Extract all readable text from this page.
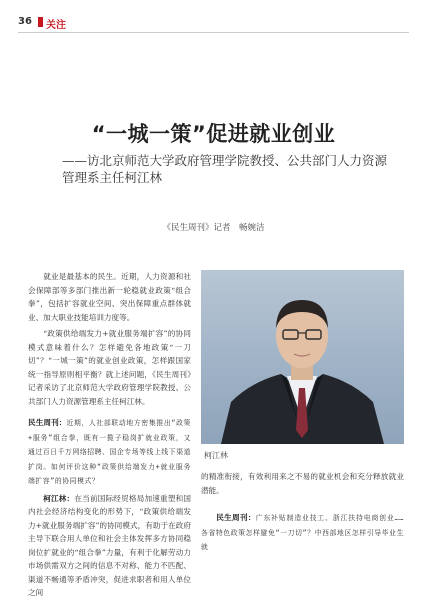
36 关注
“一城一策”促进就业创业
——访北京师范大学政府管理学院教授、公共部门人力资源管理系主任柯江林
《民生周刊》记者　畅婉洁

就业是最基本的民生。近期，人力资源和社会保障部等多部门推出新一轮稳就业政策“组合拳”，包括扩容就业空间、突出保障重点群体就业、加大职业技能培训力度等。

“政策供给端发力+就业服务端扩容”的协同模式意味着什么？怎样避免各地政策“一刀切”？“一城一策”的就业创业政策，怎样跟国家统一指导原则相平衡？就上述问题，《民生周刊》记者采访了北京师范大学政府管理学院教授、公共部门人力资源管理系主任柯江林。

民生周刊：近期，人社部联动地方密集推出“政策+服务”组合拳，既有一揽子稳岗扩就业政策，又通过百日千万网络招聘、国企专场等线上线下渠道扩岗。如何评价这种“政策供给端发力+就业服务端扩容”的协同模式？

柯江林：在当前国际经贸格局加速重塑和国内社会经济结构变化的形势下，“政策供给端发力+就业服务端扩容”的协同模式，有助于在政府主导下联合用人单位和社会主体发挥多方协同稳岗位扩就业的“组合拳”力量，有利于化解劳动力市场供需双方之间的信息不对称、能力不匹配、渠道不畅通等矛盾冲突，促进求职者和用人单位之间

柯江林

的精准衔接，有效利用来之不易的就业机会和充分释放就业潜能。

民生周刊：广东补贴制造业技工、浙江扶持电商创业……各省特色政策怎样避免“一刀切”？中西部地区怎样引导毕业生就
